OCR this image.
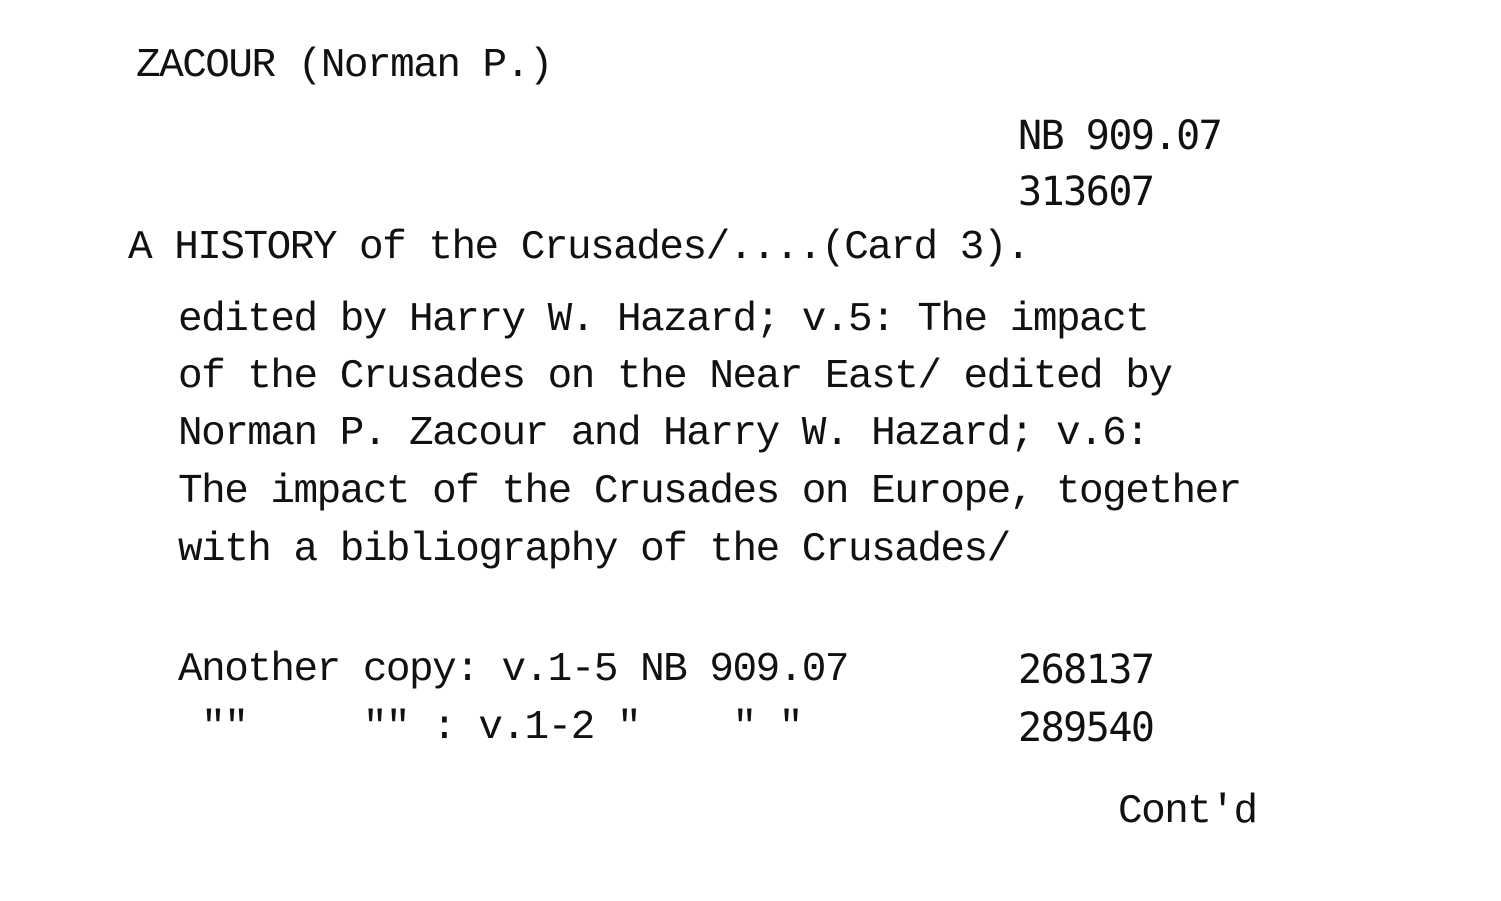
ZACOUR (Norman P.)
NB 909.07
313607
A HISTORY of the Crusades/....(Card 3).
edited by Harry W. Hazard; v.5: The impact
of the Crusades on the Near East/ edited by
Norman P. Zacour and Harry W. Hazard; v.6:
The impact of the Crusades on Europe, together
with a bibliography of the Crusades/
Another copy: v.1-5 NB 909.07	268137
""     "" : v.1-2 "    " "	289540
Cont'd
